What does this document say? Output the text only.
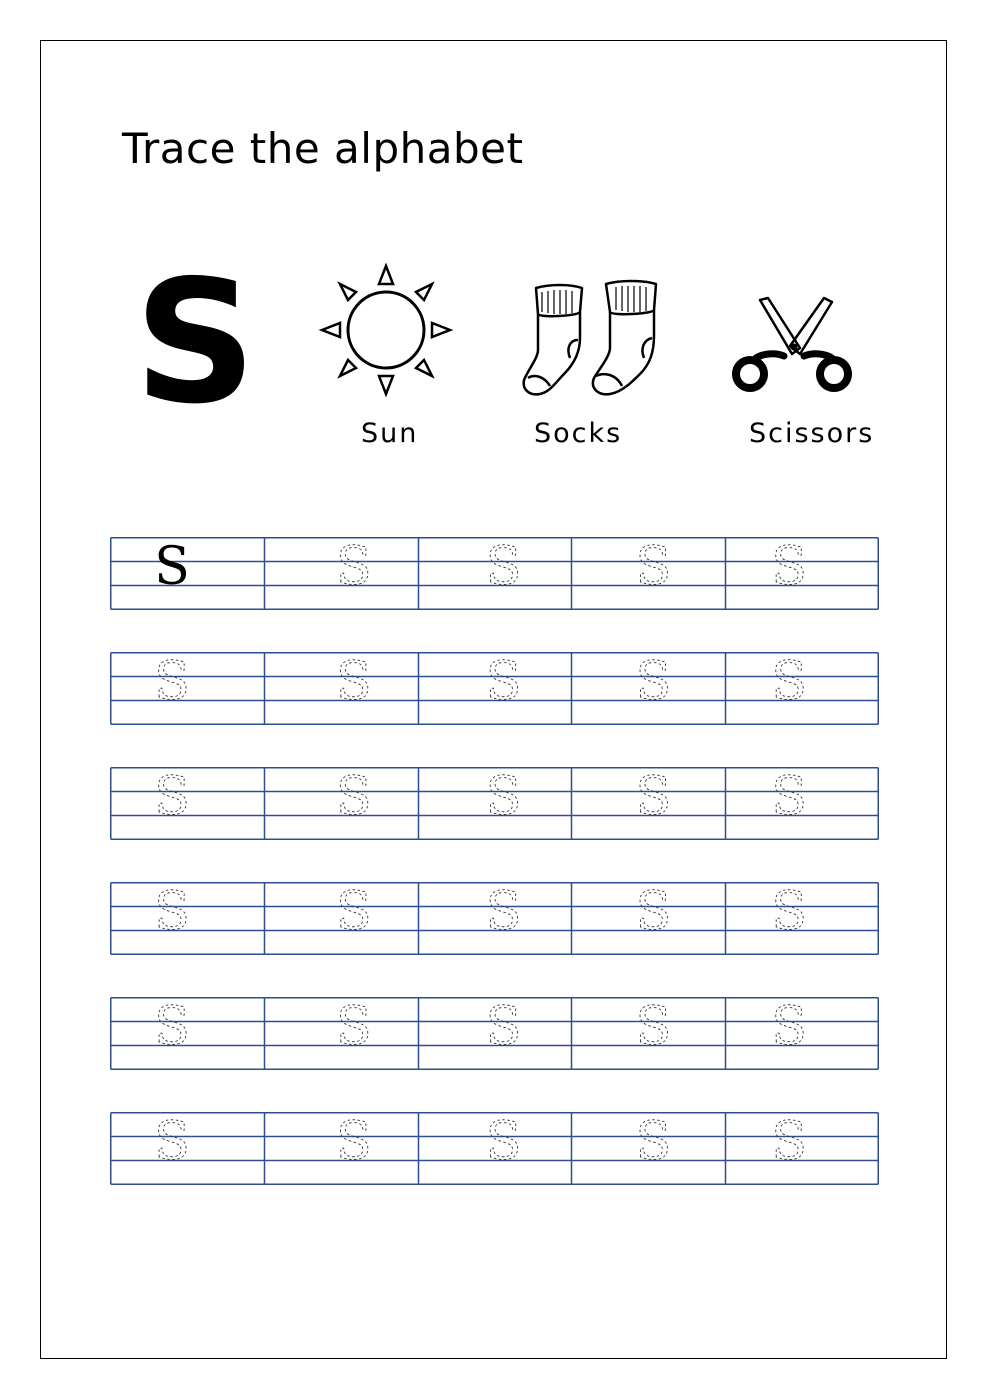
Trace the alphabet
S	Sun	Socks	Scissors
S	S S S S
S	S S S S
S	S S S S
S	S S S S
S	S S S S
S	S S S S
